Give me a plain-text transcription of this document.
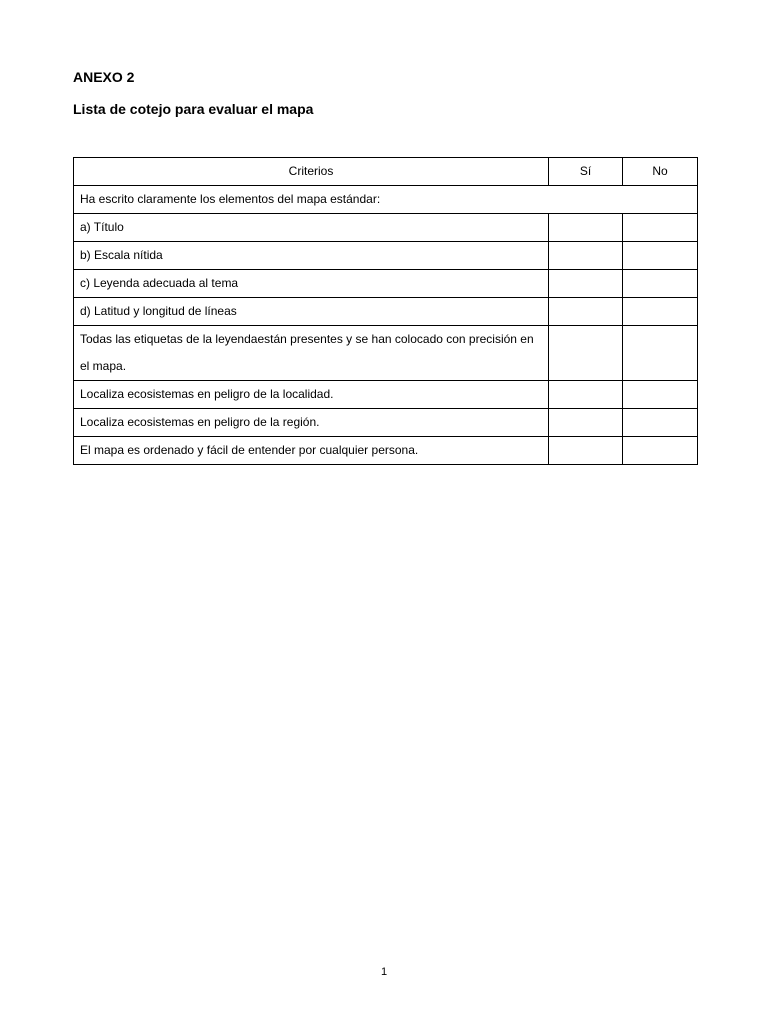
ANEXO 2
Lista de cotejo para evaluar el mapa
Criterios	Sí	No
Ha escrito claramente los elementos del mapa estándar:		
a) Título		
b) Escala nítida		
c) Leyenda adecuada al tema		
d) Latitud y longitud de líneas		
Todas las etiquetas de la leyendaestán presentes y se han colocado con precisión en el mapa.		
Localiza ecosistemas en peligro de la localidad.		
Localiza ecosistemas en peligro de la región.		
El mapa es ordenado y fácil de entender por cualquier persona.		
1
